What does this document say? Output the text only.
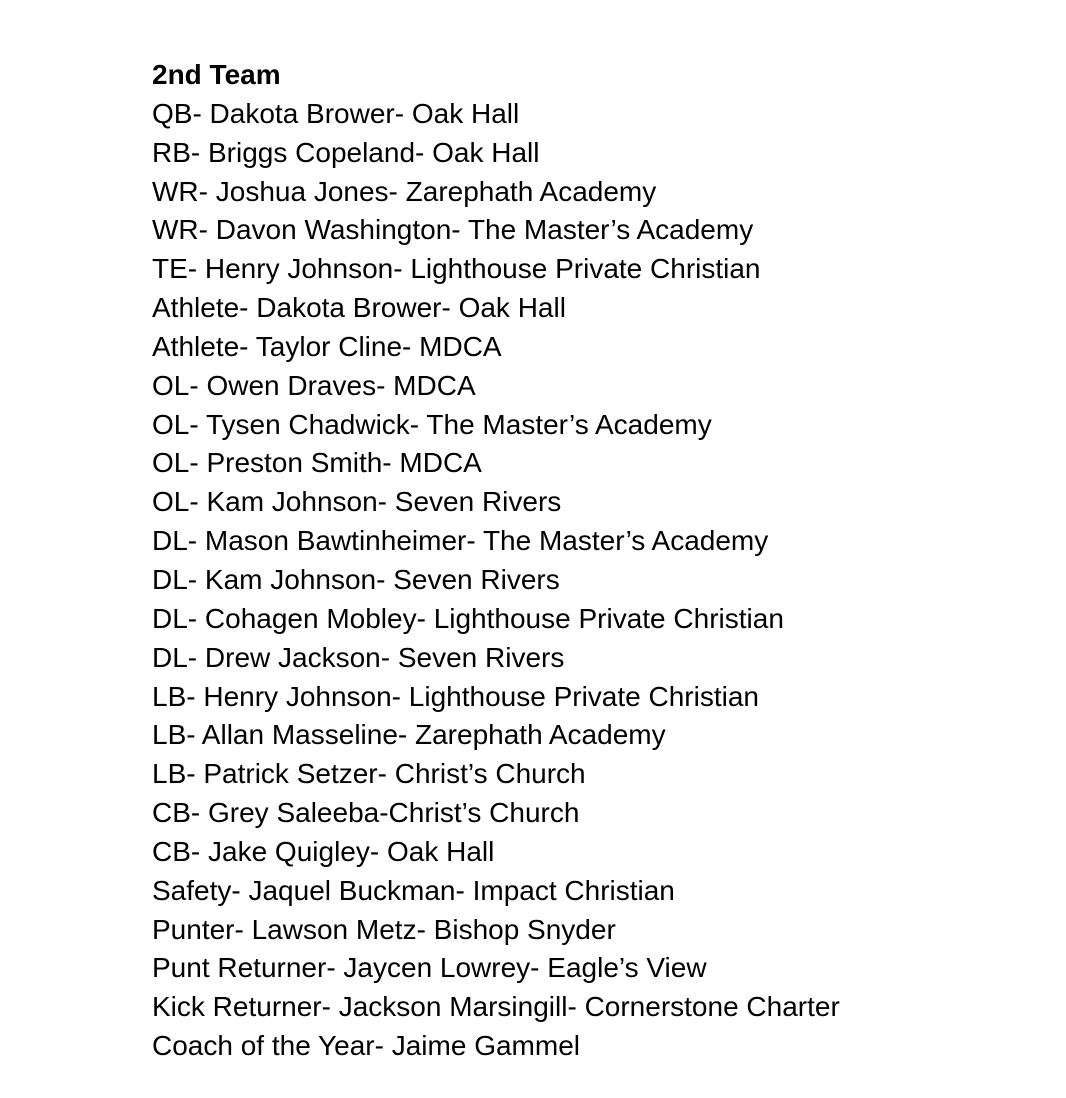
2nd Team
QB- Dakota Brower- Oak Hall
RB- Briggs Copeland- Oak Hall
WR- Joshua Jones- Zarephath Academy
WR- Davon Washington- The Master’s Academy
TE- Henry Johnson- Lighthouse Private Christian
Athlete- Dakota Brower- Oak Hall
Athlete- Taylor Cline- MDCA
OL- Owen Draves- MDCA
OL- Tysen Chadwick- The Master’s Academy
OL- Preston Smith- MDCA
OL- Kam Johnson- Seven Rivers
DL- Mason Bawtinheimer- The Master’s Academy
DL- Kam Johnson- Seven Rivers
DL- Cohagen Mobley- Lighthouse Private Christian
DL- Drew Jackson- Seven Rivers
LB- Henry Johnson- Lighthouse Private Christian
LB- Allan Masseline- Zarephath Academy
LB- Patrick Setzer- Christ’s Church
CB- Grey Saleeba-Christ’s Church
CB- Jake Quigley- Oak Hall
Safety- Jaquel Buckman- Impact Christian
Punter- Lawson Metz- Bishop Snyder
Punt Returner- Jaycen Lowrey- Eagle’s View
Kick Returner- Jackson Marsingill- Cornerstone Charter
Coach of the Year- Jaime Gammel
